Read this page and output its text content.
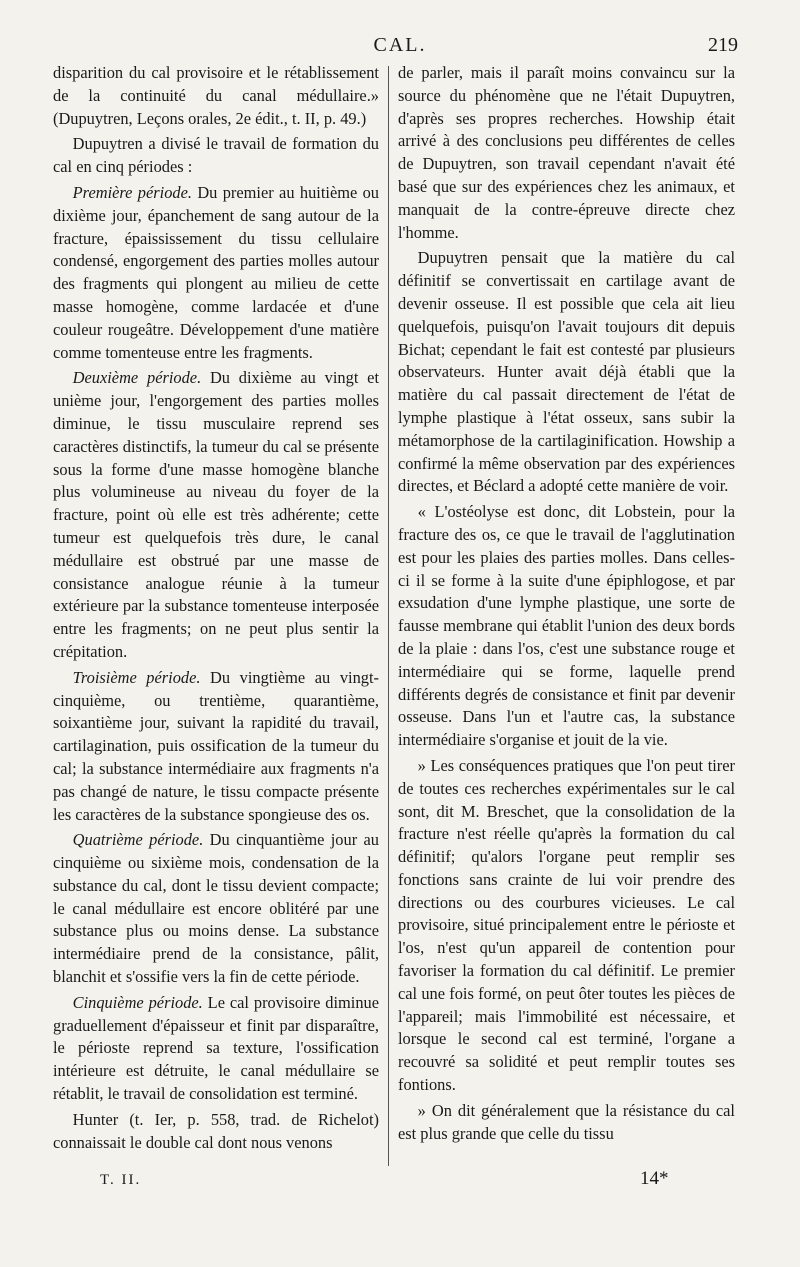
CAL.	219

disparition du cal provisoire et le rétablissement de la continuité du canal médullaire.» (Dupuytren, Leçons orales, 2e édit., t. II, p. 49.)

Dupuytren a divisé le travail de formation du cal en cinq périodes :

Première période. Du premier au huitième ou dixième jour, épanchement de sang autour de la fracture, épaississement du tissu cellulaire condensé, engorgement des parties molles autour des fragments qui plongent au milieu de cette masse homogène, comme lardacée et d'une couleur rougeâtre. Développement d'une matière comme tomenteuse entre les fragments.

Deuxième période. Du dixième au vingt et unième jour, l'engorgement des parties molles diminue, le tissu musculaire reprend ses caractères distinctifs, la tumeur du cal se présente sous la forme d'une masse homogène blanche plus volumineuse au niveau du foyer de la fracture, point où elle est très adhérente; cette tumeur est quelquefois très dure, le canal médullaire est obstrué par une masse de consistance analogue réunie à la tumeur extérieure par la substance tomenteuse interposée entre les fragments; on ne peut plus sentir la crépitation.

Troisième période. Du vingtième au vingt-cinquième, ou trentième, quarantième, soixantième jour, suivant la rapidité du travail, cartilagination, puis ossification de la tumeur du cal; la substance intermédiaire aux fragments n'a pas changé de nature, le tissu compacte présente les caractères de la substance spongieuse des os.

Quatrième période. Du cinquantième jour au cinquième ou sixième mois, condensation de la substance du cal, dont le tissu devient compacte; le canal médullaire est encore oblitéré par une substance plus ou moins dense. La substance intermédiaire prend de la consistance, pâlit, blanchit et s'ossifie vers la fin de cette période.

Cinquième période. Le cal provisoire diminue graduellement d'épaisseur et finit par disparaître, le périoste reprend sa texture, l'ossification intérieure est détruite, le canal médullaire se rétablit, le travail de consolidation est terminé.

Hunter (t. Ier, p. 558, trad. de Richelot) connaissait le double cal dont nous venons

de parler, mais il paraît moins convaincu sur la source du phénomène que ne l'était Dupuytren, d'après ses propres recherches. Howship était arrivé à des conclusions peu différentes de celles de Dupuytren, son travail cependant n'avait été basé que sur des expériences chez les animaux, et manquait de la contre-épreuve directe chez l'homme.

Dupuytren pensait que la matière du cal définitif se convertissait en cartilage avant de devenir osseuse. Il est possible que cela ait lieu quelquefois, puisqu'on l'avait toujours dit depuis Bichat; cependant le fait est contesté par plusieurs observateurs. Hunter avait déjà établi que la matière du cal passait directement de l'état de lymphe plastique à l'état osseux, sans subir la métamorphose de la cartilaginification. Howship a confirmé la même observation par des expériences directes, et Béclard a adopté cette manière de voir.

« L'ostéolyse est donc, dit Lobstein, pour la fracture des os, ce que le travail de l'agglutination est pour les plaies des parties molles. Dans celles-ci il se forme à la suite d'une épiphlogose, et par exsudation d'une lymphe plastique, une sorte de fausse membrane qui établit l'union des deux bords de la plaie : dans l'os, c'est une substance rouge et intermédiaire qui se forme, laquelle prend différents degrés de consistance et finit par devenir osseuse. Dans l'un et l'autre cas, la substance intermédiaire s'organise et jouit de la vie.

» Les conséquences pratiques que l'on peut tirer de toutes ces recherches expérimentales sur le cal sont, dit M. Breschet, que la consolidation de la fracture n'est réelle qu'après la formation du cal définitif; qu'alors l'organe peut remplir ses fonctions sans crainte de lui voir prendre des directions ou des courbures vicieuses. Le cal provisoire, situé principalement entre le périoste et l'os, n'est qu'un appareil de contention pour favoriser la formation du cal définitif. Le premier cal une fois formé, on peut ôter toutes les pièces de l'appareil; mais l'immobilité est nécessaire, et lorsque le second cal est terminé, l'organe a recouvré sa solidité et peut remplir toutes ses fontions.

» On dit généralement que la résistance du cal est plus grande que celle du tissu

T. II.	14*
